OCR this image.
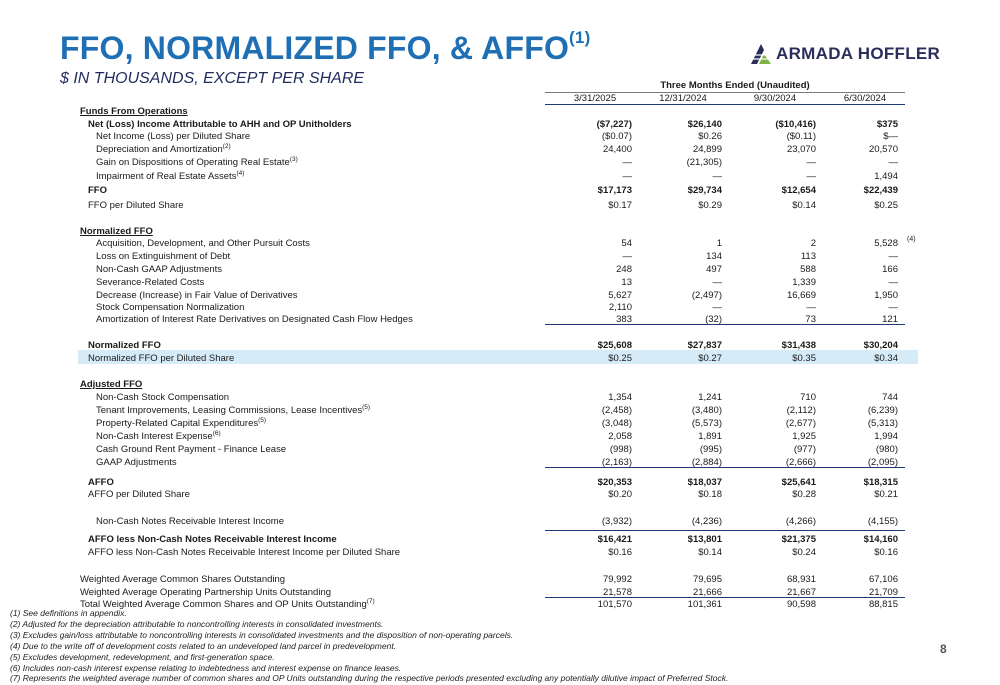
FFO, NORMALIZED FFO, & AFFO$^{(1)}$
$ IN THOUSANDS, EXCEPT PER SHARE
ARMADA HOFFLER
Three Months Ended (Unaudited)
3/31/2025	12/31/2024	9/30/2024	6/30/2024
Funds From Operations
Net (Loss) Income Attributable to AHH and OP Unitholders	($7,227)	$26,140	($10,416)	$375
Net Income (Loss) per Diluted Share	($0.07)	$0.26	($0.11)	$—
Depreciation and Amortization$^{(2)}$	24,400	24,899	23,070	20,570
Gain on Dispositions of Operating Real Estate$^{(3)}$	—	(21,305)	—	—
Impairment of Real Estate Assets$^{(4)}$	—	—	—	1,494
FFO	$17,173	$29,734	$12,654	$22,439
FFO per Diluted Share	$0.17	$0.29	$0.14	$0.25
Normalized FFO
Acquisition, Development, and Other Pursuit Costs	54	1	2	5,528 (4)
Loss on Extinguishment of Debt	—	134	113	—
Non-Cash GAAP Adjustments	248	497	588	166
Severance-Related Costs	13	—	1,339	—
Decrease (Increase) in Fair Value of Derivatives	5,627	(2,497)	16,669	1,950
Stock Compensation Normalization	2,110	—	—	—
Amortization of Interest Rate Derivatives on Designated Cash Flow Hedges	383	(32)	73	121
Normalized FFO	$25,608	$27,837	$31,438	$30,204
Normalized FFO per Diluted Share	$0.25	$0.27	$0.35	$0.34
Adjusted FFO
Non-Cash Stock Compensation	1,354	1,241	710	744
Tenant Improvements, Leasing Commissions, Lease Incentives$^{(5)}$	(2,458)	(3,480)	(2,112)	(6,239)
Property-Related Capital Expenditures$^{(5)}$	(3,048)	(5,573)	(2,677)	(5,313)
Non-Cash Interest Expense$^{(6)}$	2,058	1,891	1,925	1,994
Cash Ground Rent Payment - Finance Lease	(998)	(995)	(977)	(980)
GAAP Adjustments	(2,163)	(2,884)	(2,666)	(2,095)
AFFO	$20,353	$18,037	$25,641	$18,315
AFFO per Diluted Share	$0.20	$0.18	$0.28	$0.21
Non-Cash Notes Receivable Interest Income	(3,932)	(4,236)	(4,266)	(4,155)
AFFO less Non-Cash Notes Receivable Interest Income	$16,421	$13,801	$21,375	$14,160
AFFO less Non-Cash Notes Receivable Interest Income per Diluted Share	$0.16	$0.14	$0.24	$0.16
Weighted Average Common Shares Outstanding	79,992	79,695	68,931	67,106
Weighted Average Operating Partnership Units Outstanding	21,578	21,666	21,667	21,709
Total Weighted Average Common Shares and OP Units Outstanding$^{(7)}$	101,570	101,361	90,598	88,815
(1) See definitions in appendix.
(2) Adjusted for the depreciation attributable to noncontrolling interests in consolidated investments.
(3) Excludes gain/loss attributable to noncontrolling interests in consolidated investments and the disposition of non-operating parcels.
(4) Due to the write off of development costs related to an undeveloped land parcel in predevelopment.
(5) Excludes development, redevelopment, and first-generation space.
(6) Includes non-cash interest expense relating to indebtedness and interest expense on finance leases.
(7) Represents the weighted average number of common shares and OP Units outstanding during the respective periods presented excluding any potentially dilutive impact of Preferred Stock.
8
